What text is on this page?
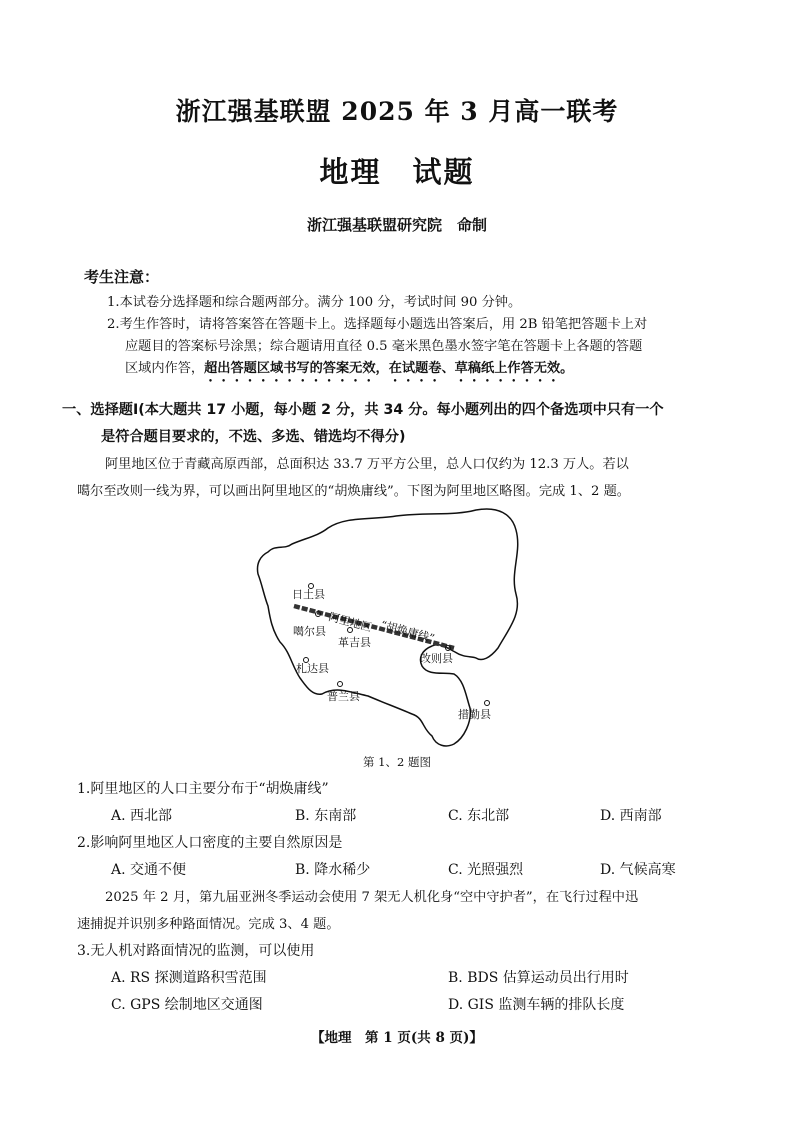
浙江强基联盟 2025 年 3 月高一联考
地理　试题
浙江强基联盟研究院　命制
考生注意：
1.本试卷分选择题和综合题两部分。满分 100 分，考试时间 90 分钟。
2.考生作答时，请将答案答在答题卡上。选择题每小题选出答案后，用 2B 铅笔把答题卡上对
应题目的答案标号涂黑；综合题请用直径 0.5 毫米黑色墨水签字笔在答题卡上各题的答题
区域内作答，超出答题区域书写的答案无效，在试题卷、草稿纸上作答无效。
一、选择题Ⅰ(本大题共 17 小题，每小题 2 分，共 34 分。每小题列出的四个备选项中只有一个
是符合题目要求的，不选、多选、错选均不得分)
阿里地区位于青藏高原西部，总面积达 33.7 万平方公里，总人口仅约为 12.3 万人。若以
噶尔至改则一线为界，可以画出阿里地区的“胡焕庸线”。下图为阿里地区略图。完成 1、2 题。
阿里地区 “胡焕庸线”
日土县
噶尔县
革吉县
改则县
札达县
普兰县
措勤县
第 1、2 题图
1.阿里地区的人口主要分布于“胡焕庸线”
A. 西北部	B. 东南部	C. 东北部	D. 西南部
2.影响阿里地区人口密度的主要自然原因是
A. 交通不便	B. 降水稀少	C. 光照强烈	D. 气候高寒
2025 年 2 月，第九届亚洲冬季运动会使用 7 架无人机化身“空中守护者”，在飞行过程中迅
速捕捉并识别多种路面情况。完成 3、4 题。
3.无人机对路面情况的监测，可以使用
A. RS 探测道路积雪范围	B. BDS 估算运动员出行用时
C. GPS 绘制地区交通图	D. GIS 监测车辆的排队长度
【地理　第 1 页(共 8 页)】
